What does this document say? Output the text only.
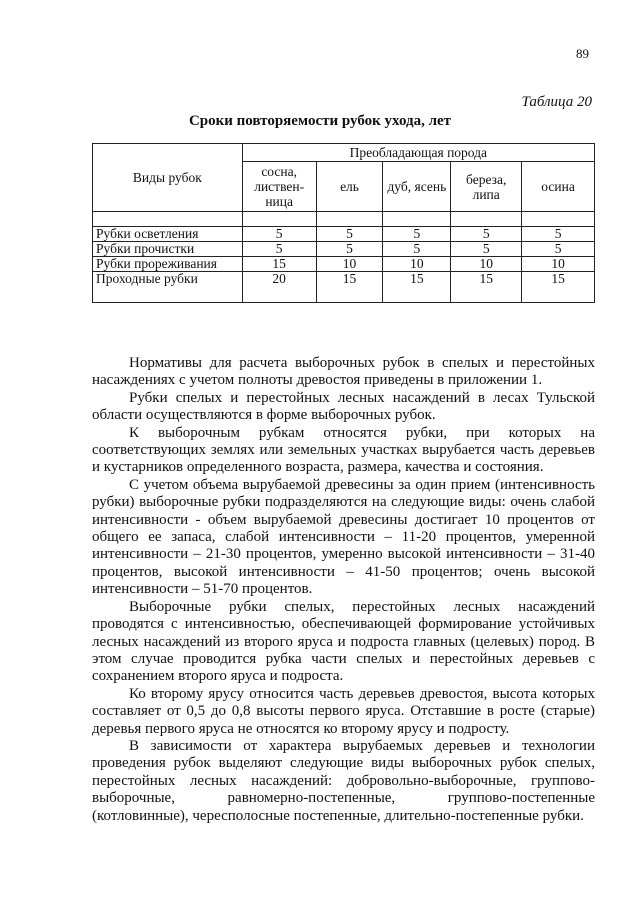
89
Таблица 20
Сроки повторяемости рубок ухода, лет
Виды рубок	Преобладающая порода				
	сосна, листвен-ница	ель	дуб, ясень	береза, липа	осина

Рубки осветления	5	5	5	5	5
Рубки прочистки	5	5	5	5	5
Рубки прореживания	15	10	10	10	10
Проходные рубки	20	15	15	15	15

Нормативы для расчета выборочных рубок в спелых и перестойных насаждениях с учетом полноты древостоя приведены в приложении 1.

Рубки спелых и перестойных лесных насаждений в лесах Тульской области осуществляются в форме выборочных рубок.

К выборочным рубкам относятся рубки, при которых на соответствующих землях или земельных участках вырубается часть деревьев и кустарников определенного возраста, размера, качества и состояния.

С учетом объема вырубаемой древесины за один прием (интенсивность рубки) выборочные рубки подразделяются на следующие виды: очень слабой интенсивности - объем вырубаемой древесины достигает 10 процентов от общего ее запаса, слабой интенсивности – 11-20 процентов, умеренной интенсивности – 21-30 процентов, умеренно высокой интенсивности – 31-40 процентов, высокой интенсивности – 41-50 процентов; очень высокой интенсивности – 51-70 процентов.

Выборочные рубки спелых, перестойных лесных насаждений проводятся с интенсивностью, обеспечивающей формирование устойчивых лесных насаждений из второго яруса и подроста главных (целевых) пород. В этом случае проводится рубка части спелых и перестойных деревьев с сохранением второго яруса и подроста.

Ко второму ярусу относится часть деревьев древостоя, высота которых составляет от 0,5 до 0,8 высоты первого яруса. Отставшие в росте (старые) деревья первого яруса не относятся ко второму ярусу и подросту.

В зависимости от характера вырубаемых деревьев и технологии проведения рубок выделяют следующие виды выборочных рубок спелых, перестойных лесных насаждений: добровольно-выборочные, группово-выборочные, равномерно-постепенные, группово-постепенные (котловинные), чересполосные постепенные, длительно-постепенные рубки.
